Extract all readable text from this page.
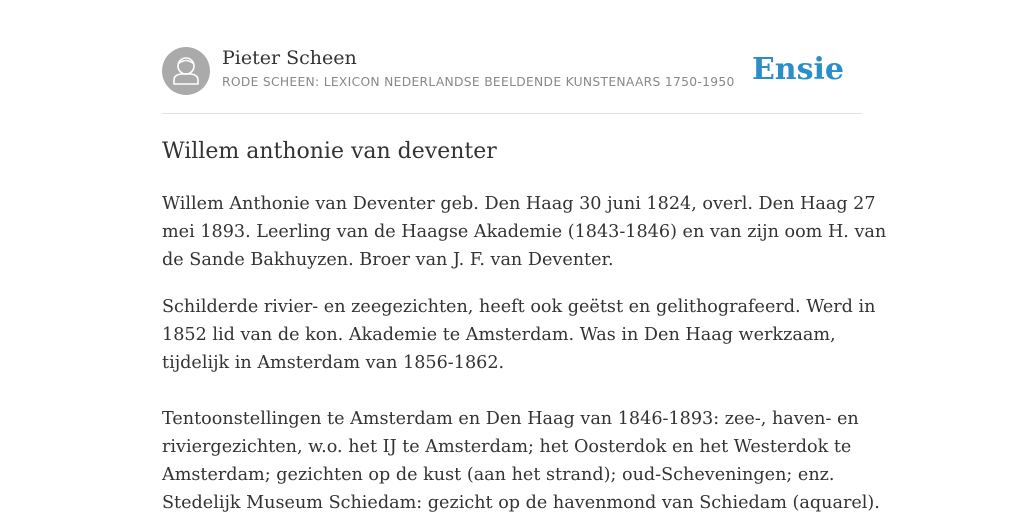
Pieter Scheen
RODE SCHEEN: LEXICON NEDERLANDSE BEELDENDE KUNSTENAARS 1750-1950 Ensie
Willem anthonie van deventer
Willem Anthonie van Deventer geb. Den Haag 30 juni 1824, overl. Den Haag 27
mei 1893. Leerling van de Haagse Akademie (1843-1846) en van zijn oom H. van
de Sande Bakhuyzen. Broer van J. F. van Deventer.
Schilderde rivier- en zeegezichten, heeft ook geëtst en gelithografeerd. Werd in
1852 lid van de kon. Akademie te Amsterdam. Was in Den Haag werkzaam,
tijdelijk in Amsterdam van 1856-1862.
Tentoonstellingen te Amsterdam en Den Haag van 1846-1893: zee-, haven- en
riviergezichten, w.o. het IJ te Amsterdam; het Oosterdok en het Westerdok te
Amsterdam; gezichten op de kust (aan het strand); oud-Scheveningen; enz.
Stedelijk Museum Schiedam: gezicht op de havenmond van Schiedam (aquarel).
